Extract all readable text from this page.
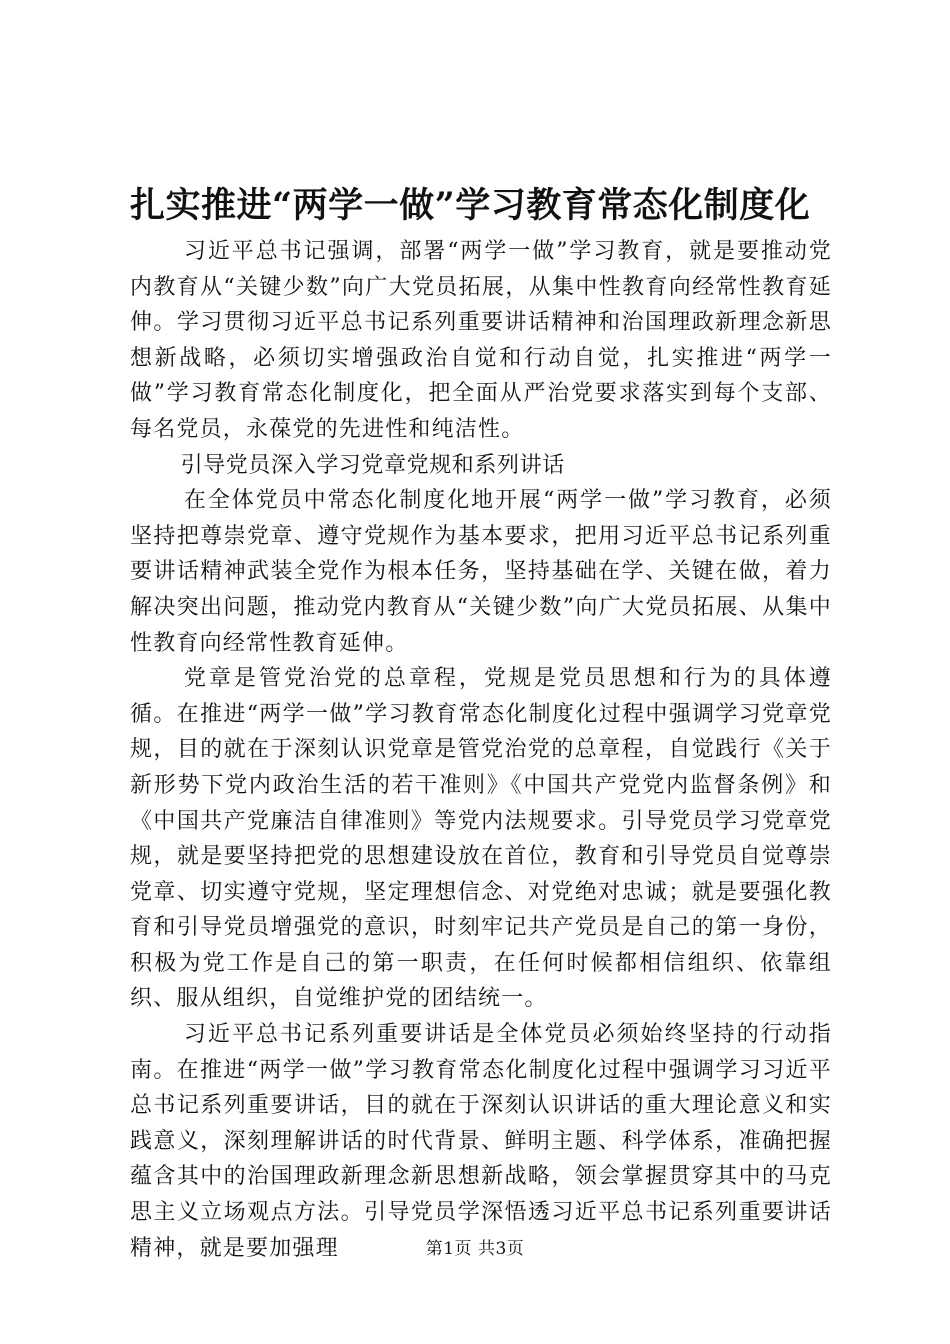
扎实推进“两学一做”学习教育常态化制度化

习近平总书记强调，部署“两学一做”学习教育，就是要推动党内教育从“关键少数”向广大党员拓展，从集中性教育向经常性教育延伸。学习贯彻习近平总书记系列重要讲话精神和治国理政新理念新思想新战略，必须切实增强政治自觉和行动自觉，扎实推进“两学一做”学习教育常态化制度化，把全面从严治党要求落实到每个支部、每名党员，永葆党的先进性和纯洁性。

引导党员深入学习党章党规和系列讲话

在全体党员中常态化制度化地开展“两学一做”学习教育，必须坚持把尊崇党章、遵守党规作为基本要求，把用习近平总书记系列重要讲话精神武装全党作为根本任务，坚持基础在学、关键在做，着力解决突出问题，推动党内教育从“关键少数”向广大党员拓展、从集中性教育向经常性教育延伸。

党章是管党治党的总章程，党规是党员思想和行为的具体遵循。在推进“两学一做”学习教育常态化制度化过程中强调学习党章党规，目的就在于深刻认识党章是管党治党的总章程，自觉践行《关于新形势下党内政治生活的若干准则》《中国共产党党内监督条例》和《中国共产党廉洁自律准则》等党内法规要求。引导党员学习党章党规，就是要坚持把党的思想建设放在首位，教育和引导党员自觉尊崇党章、切实遵守党规，坚定理想信念、对党绝对忠诚；就是要强化教育和引导党员增强党的意识，时刻牢记共产党员是自己的第一身份，积极为党工作是自己的第一职责，在任何时候都相信组织、依靠组织、服从组织，自觉维护党的团结统一。

习近平总书记系列重要讲话是全体党员必须始终坚持的行动指南。在推进“两学一做”学习教育常态化制度化过程中强调学习习近平总书记系列重要讲话，目的就在于深刻认识讲话的重大理论意义和实践意义，深刻理解讲话的时代背景、鲜明主题、科学体系，准确把握蕴含其中的治国理政新理念新思想新战略，领会掌握贯穿其中的马克思主义立场观点方法。引导党员学深悟透习近平总书记系列重要讲话精神，就是要加强理	第1页 共3页
